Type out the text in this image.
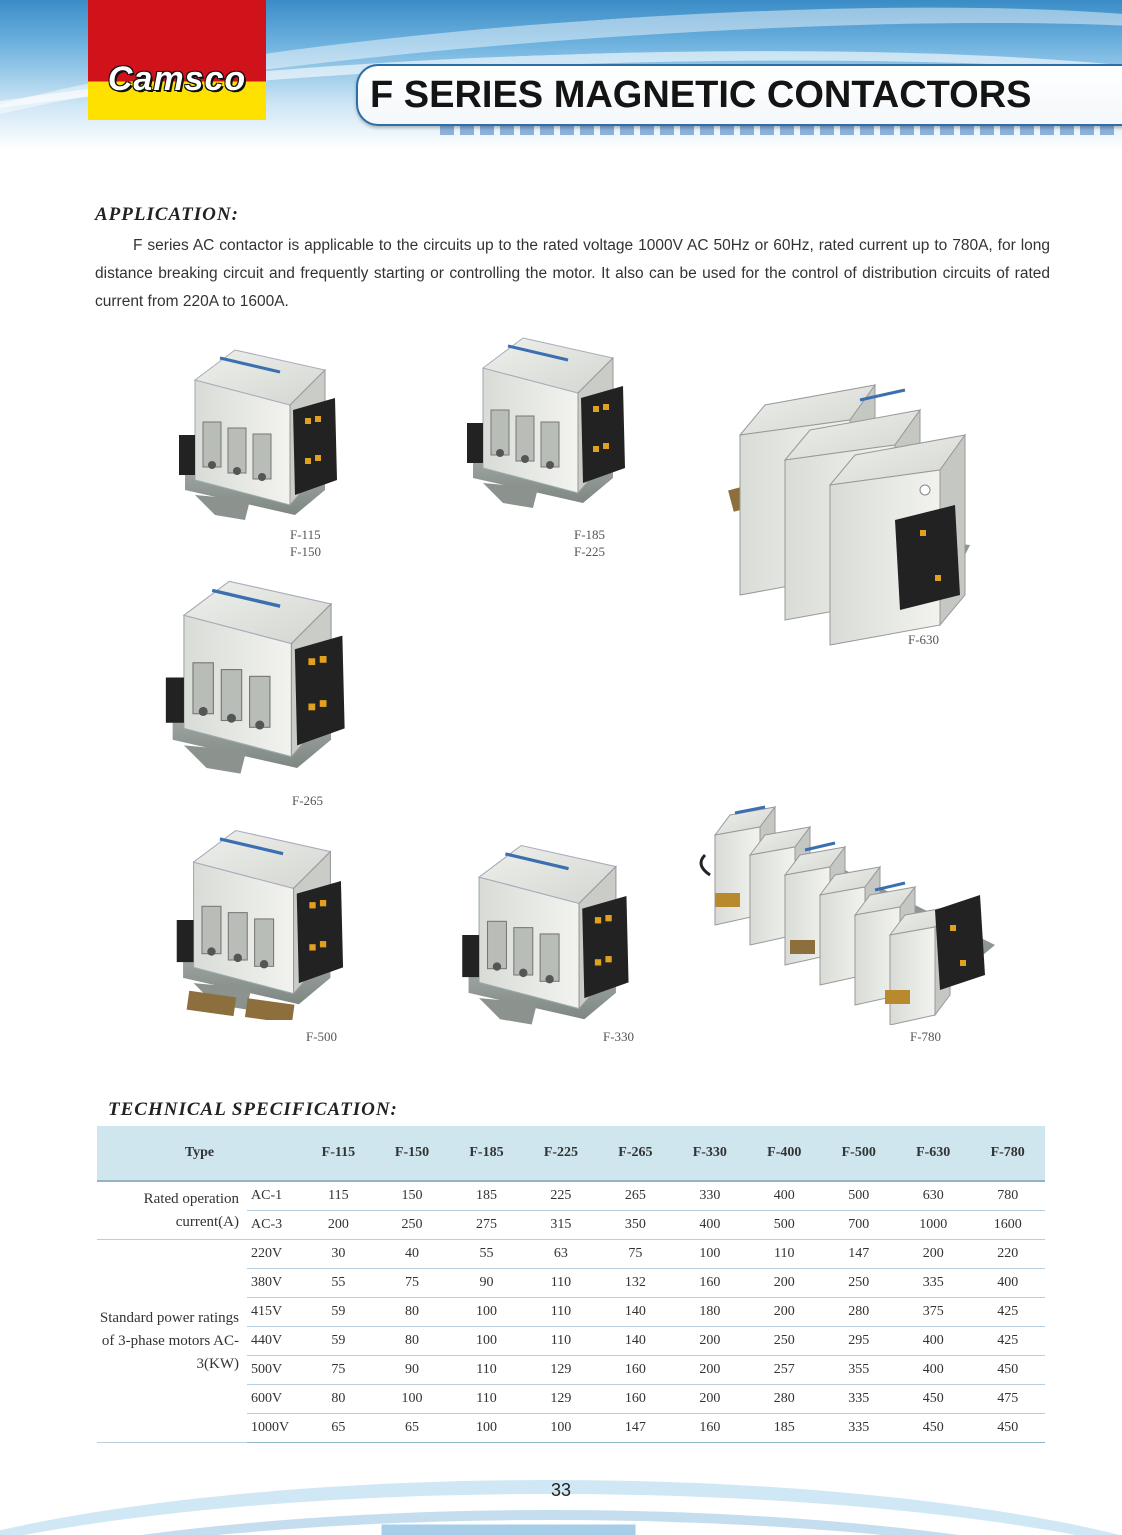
Camsco	F SERIES MAGNETIC CONTACTORS
APPLICATION:
F series AC contactor is applicable to the circuits up to the rated voltage 1000V AC 50Hz or 60Hz, rated current up to 780A, for long distance breaking circuit and frequently starting or controlling the motor. It also can be used for the control of distribution circuits of rated current from 220A to 1600A.
F-115
F-150
F-185
F-225
F-630
F-265
F-500	F-330	F-780
TECHNICAL SPECIFICATION:
Type		F-115	F-150	F-185	F-225	F-265	F-330	F-400	F-500	F-630	F-780
Rated operation current(A)	AC-1	115	150	185	225	265	330	400	500	630	780
	AC-3	200	250	275	315	350	400	500	700	1000	1600
Standard power ratings of 3-phase motors AC-3(KW)	220V	30	40	55	63	75	100	110	147	200	220
	380V	55	75	90	110	132	160	200	250	335	400
	415V	59	80	100	110	140	180	200	280	375	425
	440V	59	80	100	110	140	200	250	295	400	425
	500V	75	90	110	129	160	200	257	355	400	450
	600V	80	100	110	129	160	200	280	335	450	475
	1000V	65	65	100	100	147	160	185	335	450	450
33
